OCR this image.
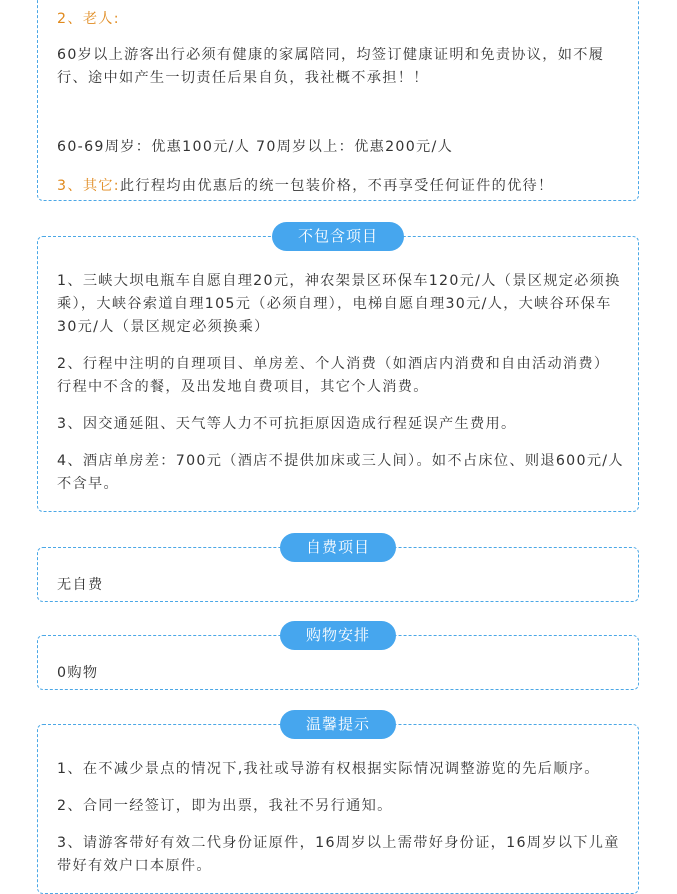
2、老人:

60岁以上游客出行必须有健康的家属陪同，均签订健康证明和免责协议，如不履行、途中如产生一切责任后果自负，我社概不承担！！

60-69周岁：优惠100元/人 70周岁以上：优惠200元/人

3、其它:此行程均由优惠后的统一包装价格，不再享受任何证件的优待！

不包含项目

1、三峡大坝电瓶车自愿自理20元，神农架景区环保车120元/人（景区规定必须换乘），大峡谷索道自理105元（必须自理），电梯自愿自理30元/人，大峡谷环保车30元/人（景区规定必须换乘）

2、行程中注明的自理项目、单房差、个人消费（如酒店内消费和自由活动消费）行程中不含的餐，及出发地自费项目，其它个人消费。

3、因交通延阻、天气等人力不可抗拒原因造成行程延误产生费用。

4、酒店单房差：700元（酒店不提供加床或三人间）。如不占床位、则退600元/人不含早。

自费项目

无自费

购物安排

0购物

温馨提示

1、在不减少景点的情况下,我社或导游有权根据实际情况调整游览的先后顺序。

2、合同一经签订，即为出票，我社不另行通知。

3、请游客带好有效二代身份证原件，16周岁以上需带好身份证，16周岁以下儿童带好有效户口本原件。
